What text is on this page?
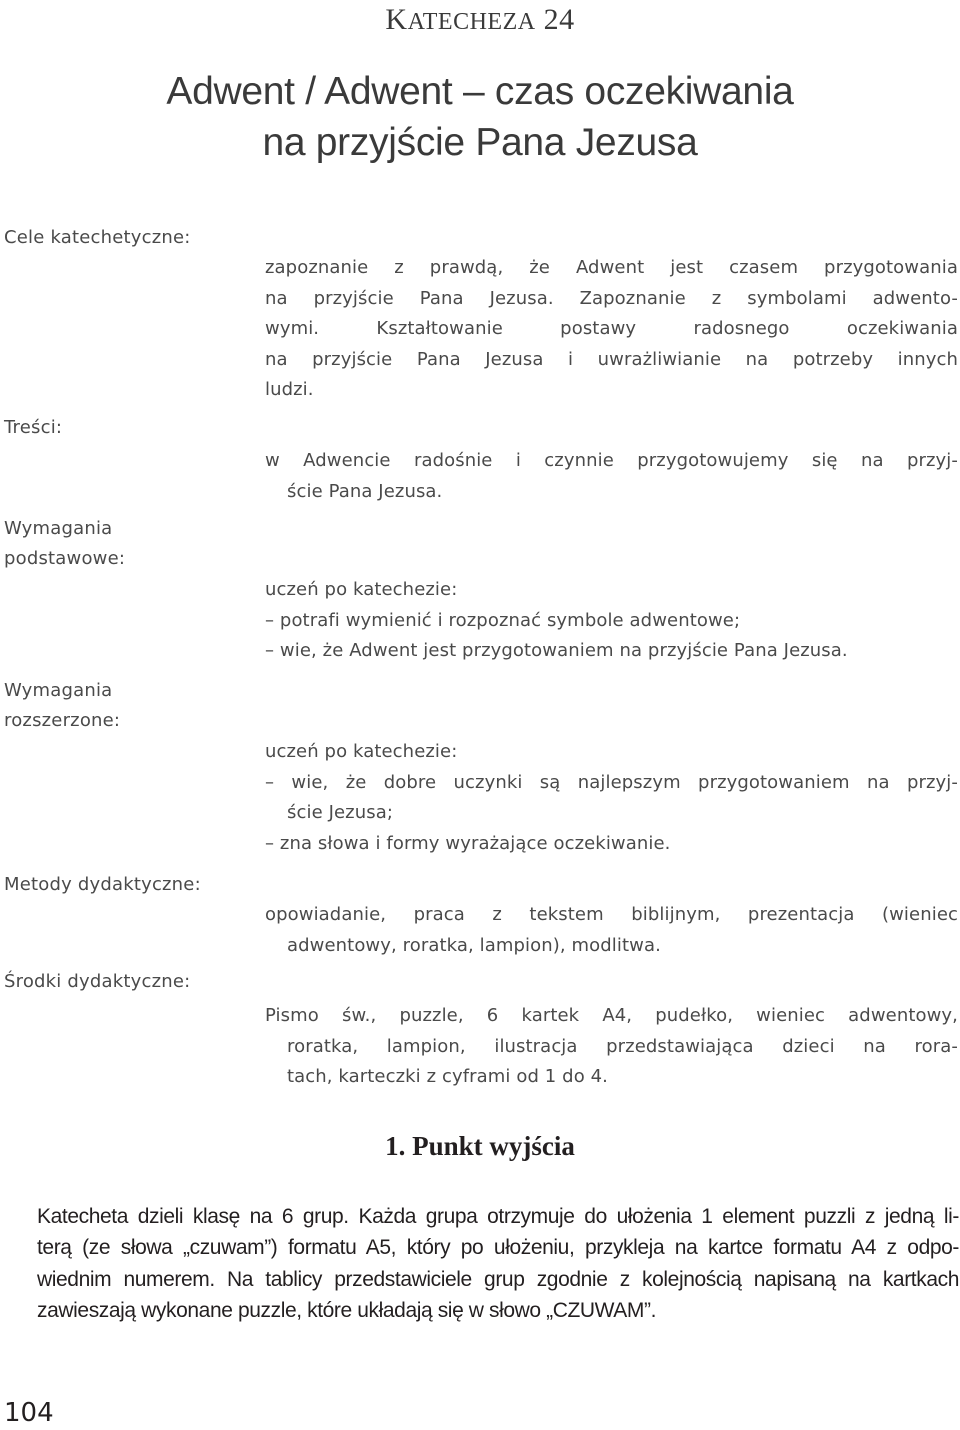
KATECHEZA 24
Adwent / Adwent – czas oczekiwania
na przyjście Pana Jezusa
Cele katechetyczne:
Treści:
Wymagania
podstawowe:
Wymagania
rozszerzone:
Metody dydaktyczne:
Środki dydaktyczne:
zapoznanie z prawdą, że Adwent jest czasem przygotowania
na przyjście Pana Jezusa. Zapoznanie z symbolami adwento-
wymi. Kształtowanie postawy radosnego oczekiwania
na przyjście Pana Jezusa i uwrażliwianie na potrzeby innych
ludzi.
w Adwencie radośnie i czynnie przygotowujemy się na przyj-
ście Pana Jezusa.
uczeń po katechezie:
– potrafi wymienić i rozpoznać symbole adwentowe;
– wie, że Adwent jest przygotowaniem na przyjście Pana Jezusa.
uczeń po katechezie:
– wie, że dobre uczynki są najlepszym przygotowaniem na przyj-
ście Jezusa;
– zna słowa i formy wyrażające oczekiwanie.
opowiadanie, praca z tekstem biblijnym, prezentacja (wieniec
adwentowy, roratka, lampion), modlitwa.
Pismo św., puzzle, 6 kartek A4, pudełko, wieniec adwentowy,
roratka, lampion, ilustracja przedstawiająca dzieci na rora-
tach, karteczki z cyframi od 1 do 4.
1. Punkt wyjścia
Katecheta dzieli klasę na 6 grup. Każda grupa otrzymuje do ułożenia 1 element puzzli z jedną li-
terą (ze słowa „czuwam”) formatu A5, który po ułożeniu, przykleja na kartce formatu A4 z odpo-
wiednim numerem. Na tablicy przedstawiciele grup zgodnie z kolejnością napisaną na kartkach
zawieszają wykonane puzzle, które układają się w słowo „CZUWAM”.
104
